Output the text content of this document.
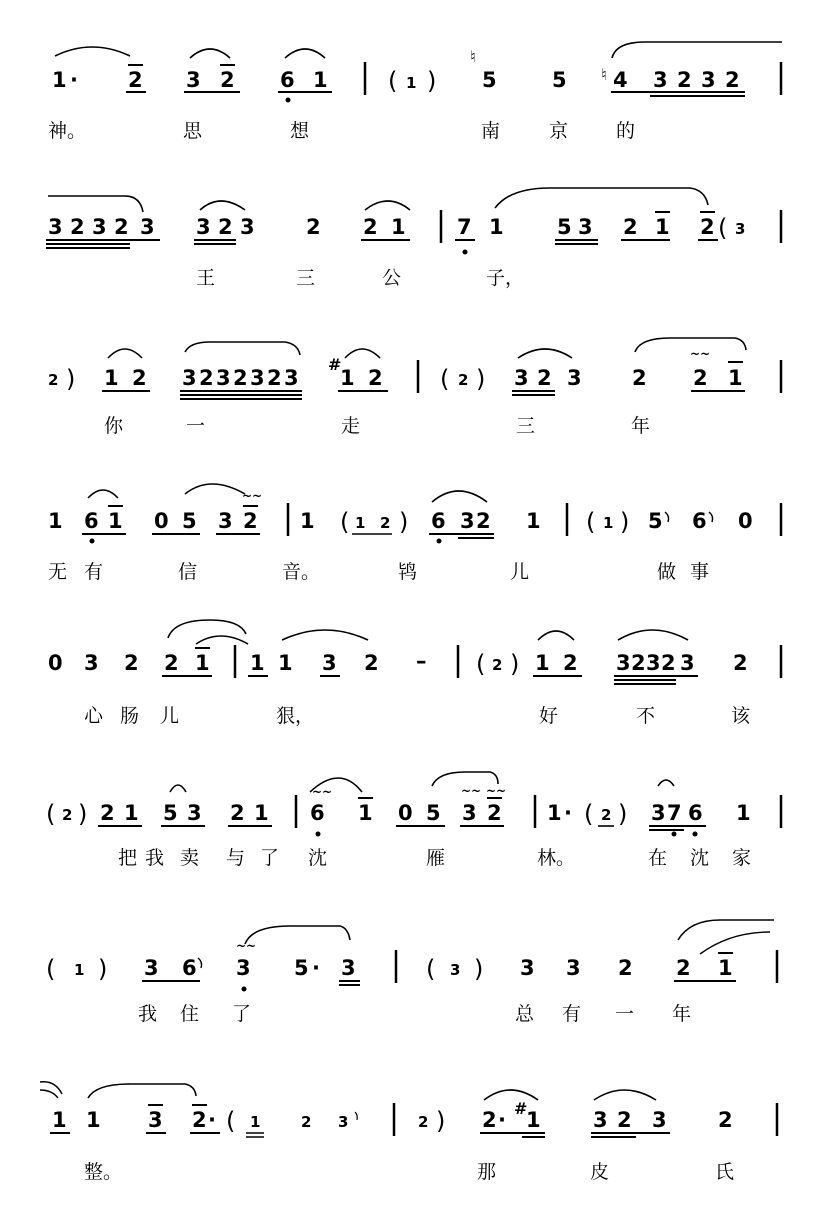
1 · 2 3 2 6 1	( 1 )
♮
5	5 ♮ 4 3 2 3 2
神。	思	想	南	京	的
3 2 3 2 3 3 2 3 2 2 1 7 1	5 3 2 1 2 ( 3
王	三	公	子，
2 ) 1 2 3 2 3 2 3 2 3
#
1 2 ( 2 ) 3 2 3 2
~~
2 1
你	一	走	三	年
1 6 1 0 5 3
~~
2 1 ( 1 2 ) 6 3 2 1 ( 1 ) 5 6 0
无 有	信	音。	鸨	儿	做 事
0 3 2 2 1 1 1 3 2 – ( 2 ) 1 2 3 2 3 2 3 2
心 肠 儿	狠，	好	不	该
( 2 ) 2 1 5 3 2 1
~~
6 1 0 5
~~
3
~~
2 1 · ( 2 ) 3 7 6 1
把 我 卖 与 了 沈	雁	林。	在 沈 家
( 1 ) 3 6
~~
3 5 · 3	( 3 ) 3 3 2 2 1
我 住 了	总 有 一 年
1 1 3 2 · ( 1	2 3	2 ) 2 · #
1 3 2 3 2
整。	那	皮	氏
